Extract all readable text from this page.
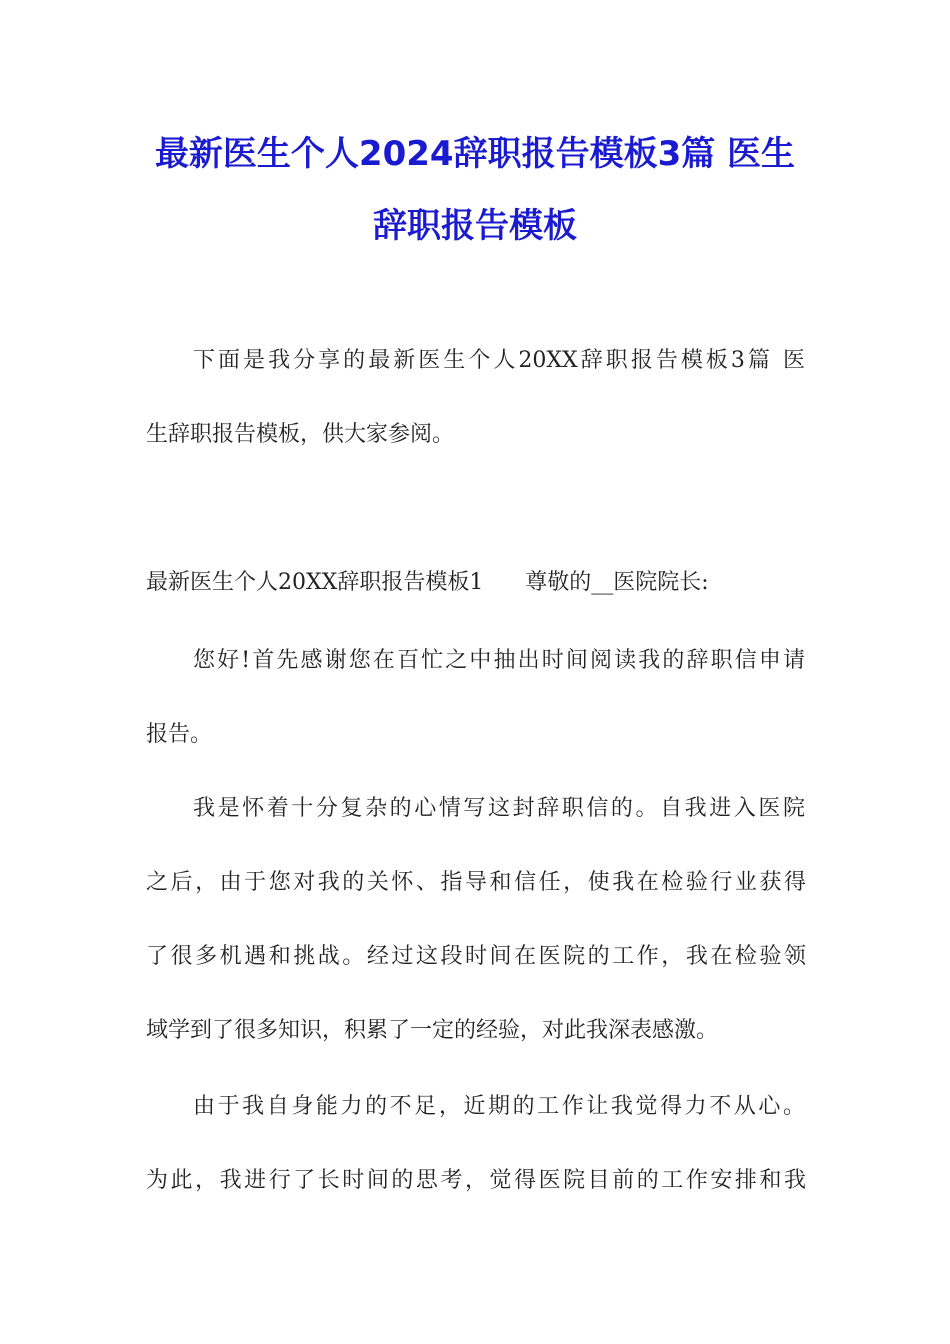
最新医生个人2024辞职报告模板3篇 医生
辞职报告模板
下面是我分享的最新医生个人20XX辞职报告模板3篇 医
生辞职报告模板，供大家参阅。
最新医生个人20XX辞职报告模板1      尊敬的__医院院长:
您好!首先感谢您在百忙之中抽出时间阅读我的辞职信申请
报告。
我是怀着十分复杂的心情写这封辞职信的。自我进入医院
之后，由于您对我的关怀、指导和信任，使我在检验行业获得
了很多机遇和挑战。经过这段时间在医院的工作，我在检验领
域学到了很多知识，积累了一定的经验，对此我深表感激。
由于我自身能力的不足，近期的工作让我觉得力不从心。
为此，我进行了长时间的思考，觉得医院目前的工作安排和我
